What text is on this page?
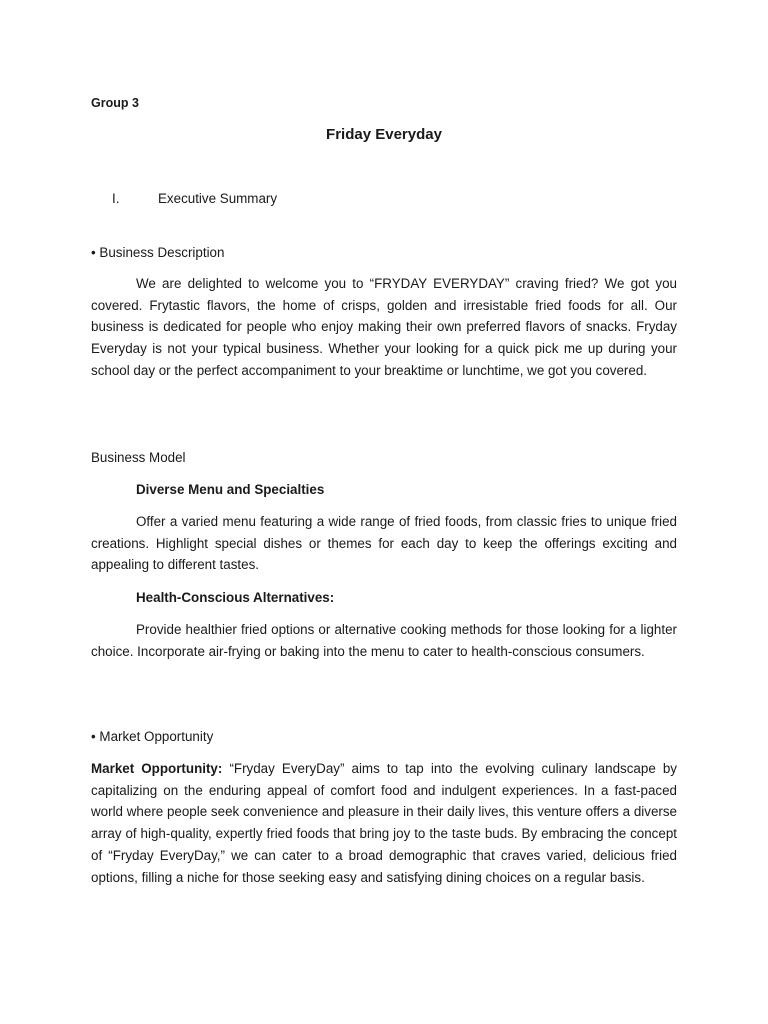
Group 3
Friday Everyday
I.	Executive Summary
• Business Description

We are delighted to welcome you to “FRYDAY EVERYDAY” craving fried? We got you covered. Frytastic flavors, the home of crisps, golden and irresistable fried foods for all. Our business is dedicated for people who enjoy making their own preferred flavors of snacks. Fryday Everyday is not your typical business. Whether your looking for a quick pick me up during your school day or the perfect accompaniment to your breaktime or lunchtime, we got you covered.

Business Model
Diverse Menu and Specialties

Offer a varied menu featuring a wide range of fried foods, from classic fries to unique fried creations. Highlight special dishes or themes for each day to keep the offerings exciting and appealing to different tastes.

Health-Conscious Alternatives:

Provide healthier fried options or alternative cooking methods for those looking for a lighter choice. Incorporate air-frying or baking into the menu to cater to health-conscious consumers.

• Market Opportunity

Market Opportunity: “Fryday EveryDay” aims to tap into the evolving culinary landscape by capitalizing on the enduring appeal of comfort food and indulgent experiences. In a fast-paced world where people seek convenience and pleasure in their daily lives, this venture offers a diverse array of high-quality, expertly fried foods that bring joy to the taste buds. By embracing the concept of “Fryday EveryDay,” we can cater to a broad demographic that craves varied, delicious fried options, filling a niche for those seeking easy and satisfying dining choices on a regular basis.
